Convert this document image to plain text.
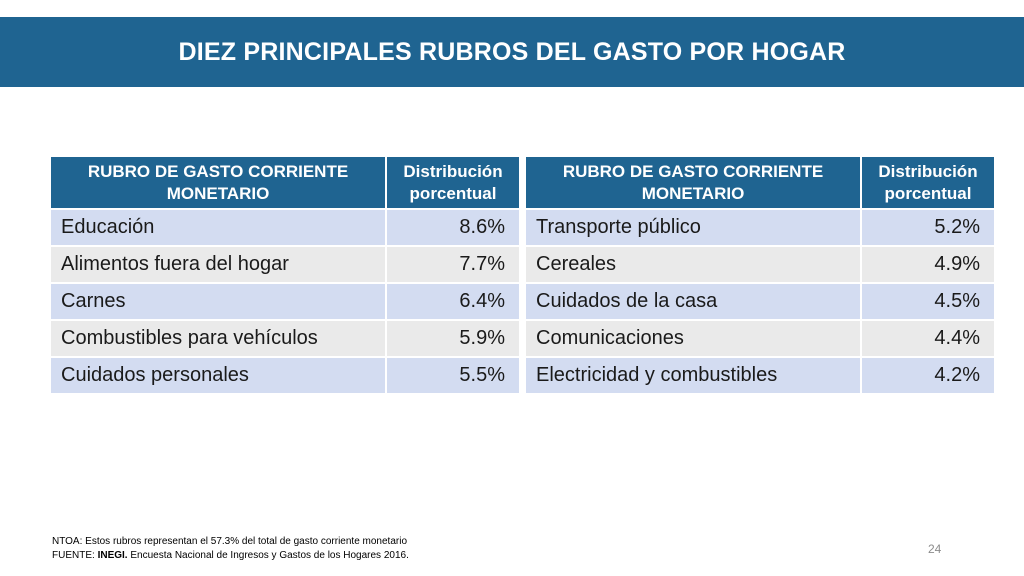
DIEZ PRINCIPALES RUBROS DEL GASTO POR HOGAR
RUBRO DE GASTO CORRIENTE MONETARIO	Distribución porcentual
Educación	8.6%
Alimentos fuera del hogar	7.7%
Carnes	6.4%
Combustibles para vehículos	5.9%
Cuidados personales	5.5%
RUBRO DE GASTO CORRIENTE MONETARIO	Distribución porcentual
Transporte público	5.2%
Cereales	4.9%
Cuidados de la casa	4.5%
Comunicaciones	4.4%
Electricidad y combustibles	4.2%
NTOA: Estos rubros representan el 57.3% del total de gasto corriente monetario
FUENTE: INEGI. Encuesta Nacional de Ingresos y Gastos de los Hogares 2016.	24
